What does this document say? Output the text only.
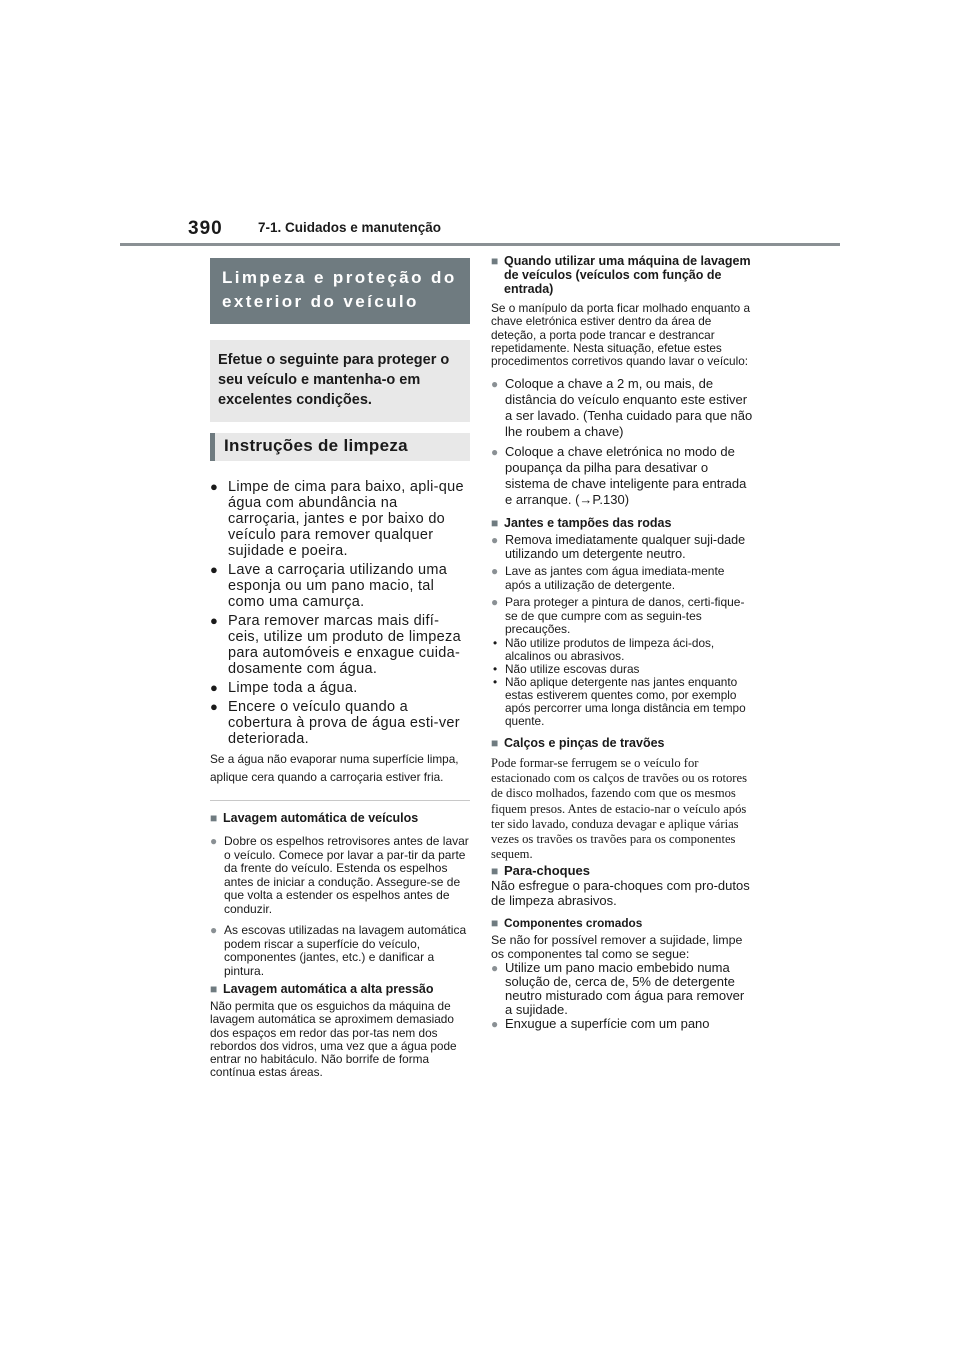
390	7-1. Cuidados e manutenção
Limpeza e proteção do exterior do veículo
Efetue o seguinte para proteger o seu veículo e mantenha-o em excelentes condições.
Instruções de limpeza
● Limpe de cima para baixo, apli-que água com abundância na carroçaria, jantes e por baixo do veículo para remover qualquer sujidade e poeira.
● Lave a carroçaria utilizando uma esponja ou um pano macio, tal como uma camurça.
● Para remover marcas mais difí-ceis, utilize um produto de limpeza para automóveis e enxague cuida-dosamente com água.
● Limpe toda a água.
● Encere o veículo quando a cobertura à prova de água esti-ver deteriorada.
Se a água não evaporar numa superfície limpa, aplique cera quando a carroçaria estiver fria.
■ Lavagem automática de veículos
● Dobre os espelhos retrovisores antes de lavar o veículo. Comece por lavar a par-tir da parte da frente do veículo. Estenda os espelhos antes de iniciar a condução. Assegure-se de que volta a estender os espelhos antes de conduzir.
● As escovas utilizadas na lavagem automática podem riscar a superfície do veículo, componentes (jantes, etc.) e danificar a pintura.
■ Lavagem automática a alta pressão
Não permita que os esguichos da máquina de lavagem automática se aproximem demasiado dos espaços em redor das por-tas nem dos rebordos dos vidros, uma vez que a água pode entrar no habitáculo. Não borrife de forma contínua estas áreas.
■ Quando utilizar uma máquina de lavagem de veículos (veículos com função de entrada)
Se o manípulo da porta ficar molhado enquanto a chave eletrónica estiver dentro da área de deteção, a porta pode trancar e destrancar repetidamente. Nesta situação, efetue estes procedimentos corretivos quando lavar o veículo:
● Coloque a chave a 2 m, ou mais, de distância do veículo enquanto este estiver a ser lavado. (Tenha cuidado para que não lhe roubem a chave)
● Coloque a chave eletrónica no modo de poupança da pilha para desativar o sistema de chave inteligente para entrada e arranque. (→P.130)
■ Jantes e tampões das rodas
● Remova imediatamente qualquer suji-dade utilizando um detergente neutro.
● Lave as jantes com água imediata-mente após a utilização de detergente.
● Para proteger a pintura de danos, certi-fique-se de que cumpre com as seguin-tes precauções.
• Não utilize produtos de limpeza áci-dos, alcalinos ou abrasivos.
• Não utilize escovas duras
• Não aplique detergente nas jantes enquanto estas estiverem quentes como, por exemplo após percorrer uma longa distância em tempo quente.
■ Calços e pinças de travões
Pode formar-se ferrugem se o veículo for estacionado com os calços de travões ou os rotores de disco molhados, fazendo com que os mesmos fiquem presos. Antes de estacio-nar o veículo após ter sido lavado, conduza devagar e aplique várias vezes os travões os travões para os componentes sequem.
■ Para-choques
Não esfregue o para-choques com pro-dutos de limpeza abrasivos.
■ Componentes cromados
Se não for possível remover a sujidade, limpe os componentes tal como se segue:
● Utilize um pano macio embebido numa solução de, cerca de, 5% de detergente neutro misturado com água para remover a sujidade.
● Enxugue a superfície com um pano
